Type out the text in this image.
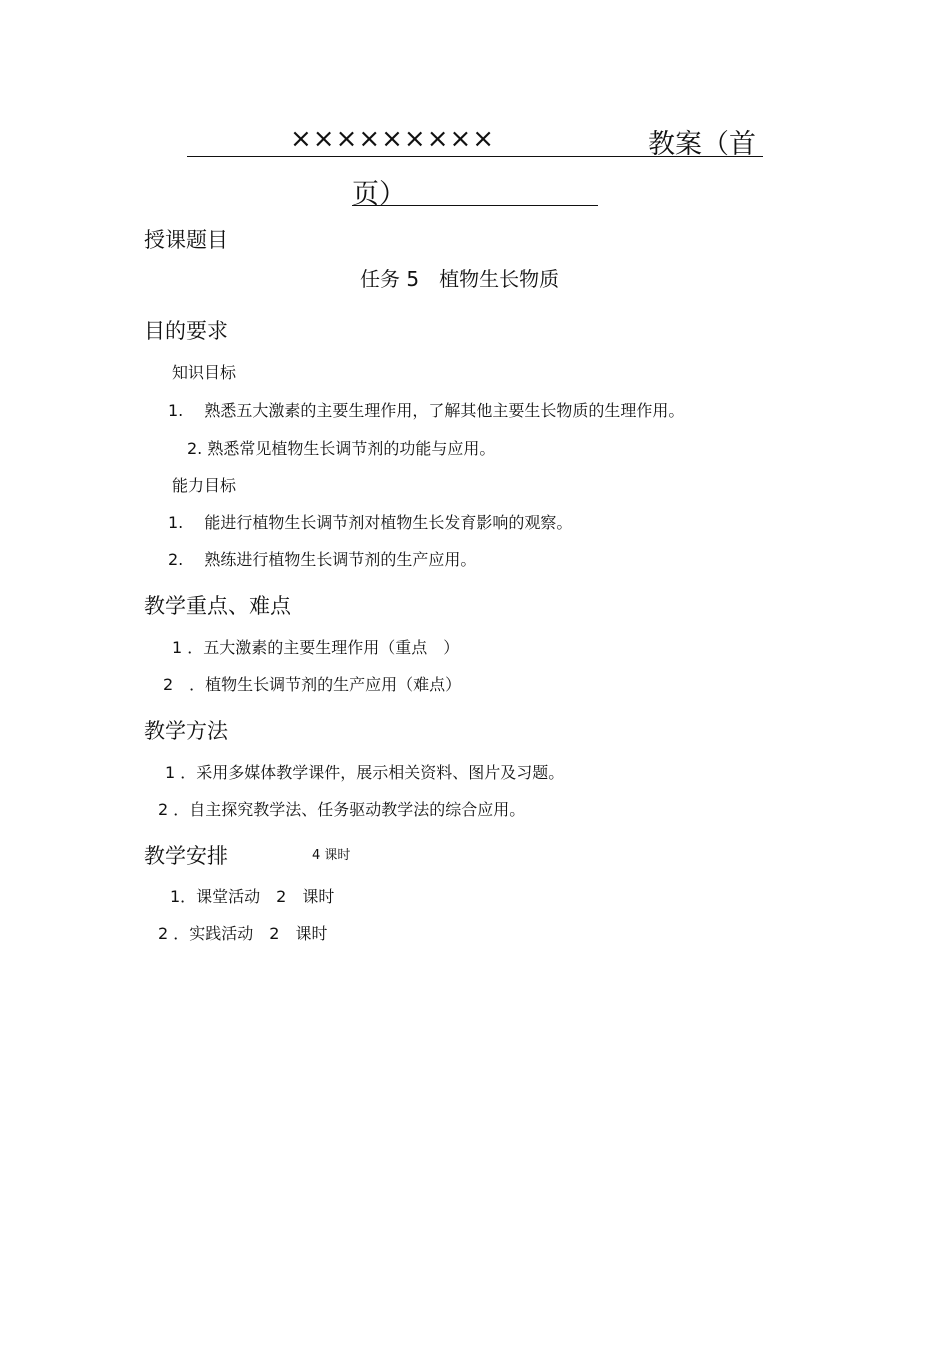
×××××××××	教案（首
页）
授课题目
任务 5　植物生长物质
目的要求
知识目标
1.　 熟悉五大激素的主要生理作用，了解其他主要生长物质的生理作用。
2. 熟悉常见植物生长调节剂的功能与应用。
能力目标
1.　 能进行植物生长调节剂对植物生长发育影响的观察。
2.　 熟练进行植物生长调节剂的生产应用。
教学重点、难点
1 ．五大激素的主要生理作用（重点　）
2　．植物生长调节剂的生产应用（难点）
教学方法
1 ．采用多媒体教学课件，展示相关资料、图片及习题。
2 ．自主探究教学法、任务驱动教学法的综合应用。
教学安排	4 课时
1．课堂活动　2　课时
2 ．实践活动　2　课时
